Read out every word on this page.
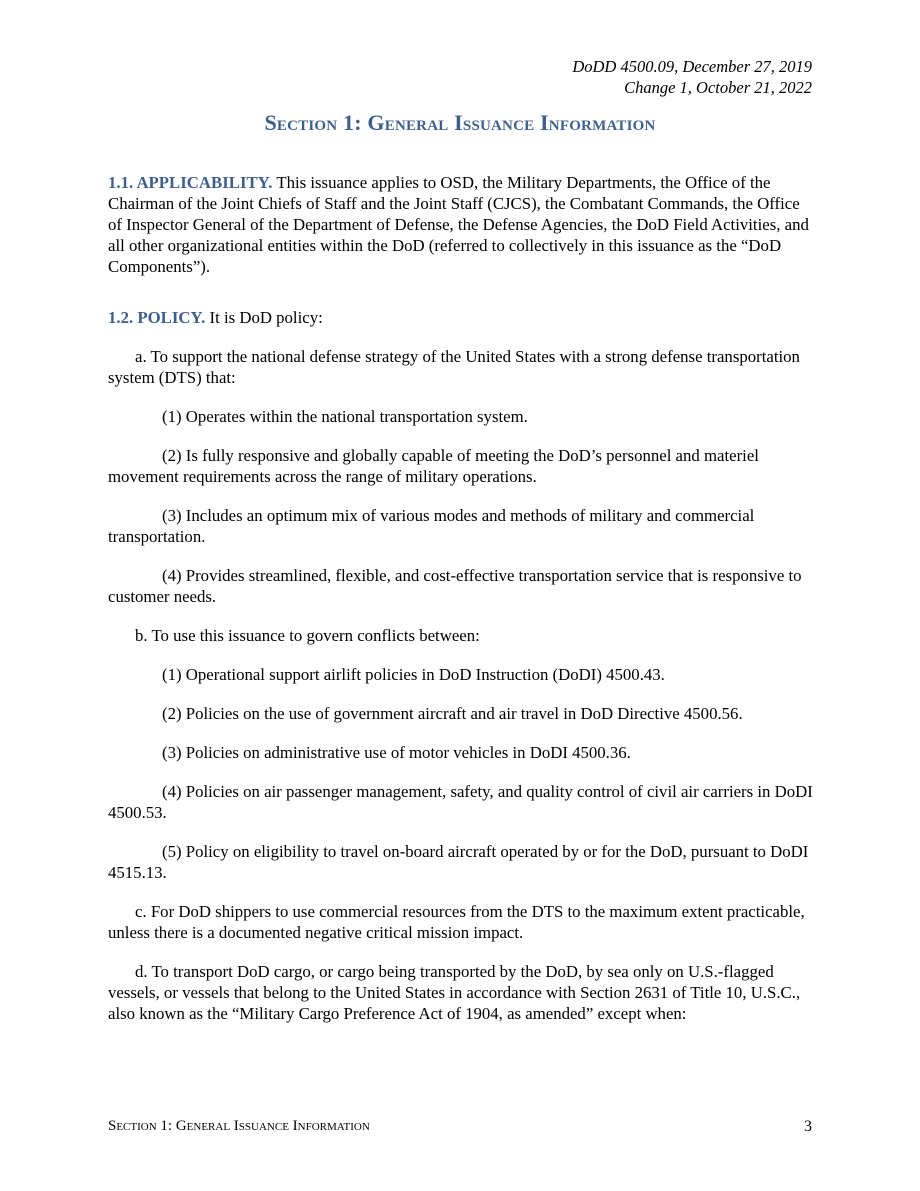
DoDD 4500.09, December 27, 2019
Change 1, October 21, 2022
Section 1: General Issuance Information

1.1. APPLICABILITY. This issuance applies to OSD, the Military Departments, the Office of the Chairman of the Joint Chiefs of Staff and the Joint Staff (CJCS), the Combatant Commands, the Office of Inspector General of the Department of Defense, the Defense Agencies, the DoD Field Activities, and all other organizational entities within the DoD (referred to collectively in this issuance as the “DoD Components”).

1.2. POLICY. It is DoD policy:

a. To support the national defense strategy of the United States with a strong defense transportation system (DTS) that:

(1) Operates within the national transportation system.

(2) Is fully responsive and globally capable of meeting the DoD’s personnel and materiel movement requirements across the range of military operations.

(3) Includes an optimum mix of various modes and methods of military and commercial transportation.

(4) Provides streamlined, flexible, and cost-effective transportation service that is responsive to customer needs.

b. To use this issuance to govern conflicts between:

(1) Operational support airlift policies in DoD Instruction (DoDI) 4500.43.

(2) Policies on the use of government aircraft and air travel in DoD Directive 4500.56.

(3) Policies on administrative use of motor vehicles in DoDI 4500.36.

(4) Policies on air passenger management, safety, and quality control of civil air carriers in DoDI 4500.53.

(5) Policy on eligibility to travel on-board aircraft operated by or for the DoD, pursuant to DoDI 4515.13.

c. For DoD shippers to use commercial resources from the DTS to the maximum extent practicable, unless there is a documented negative critical mission impact.

d. To transport DoD cargo, or cargo being transported by the DoD, by sea only on U.S.-flagged vessels, or vessels that belong to the United States in accordance with Section 2631 of Title 10, U.S.C., also known as the “Military Cargo Preference Act of 1904, as amended” except when:

Section 1: General Issuance Information	3
